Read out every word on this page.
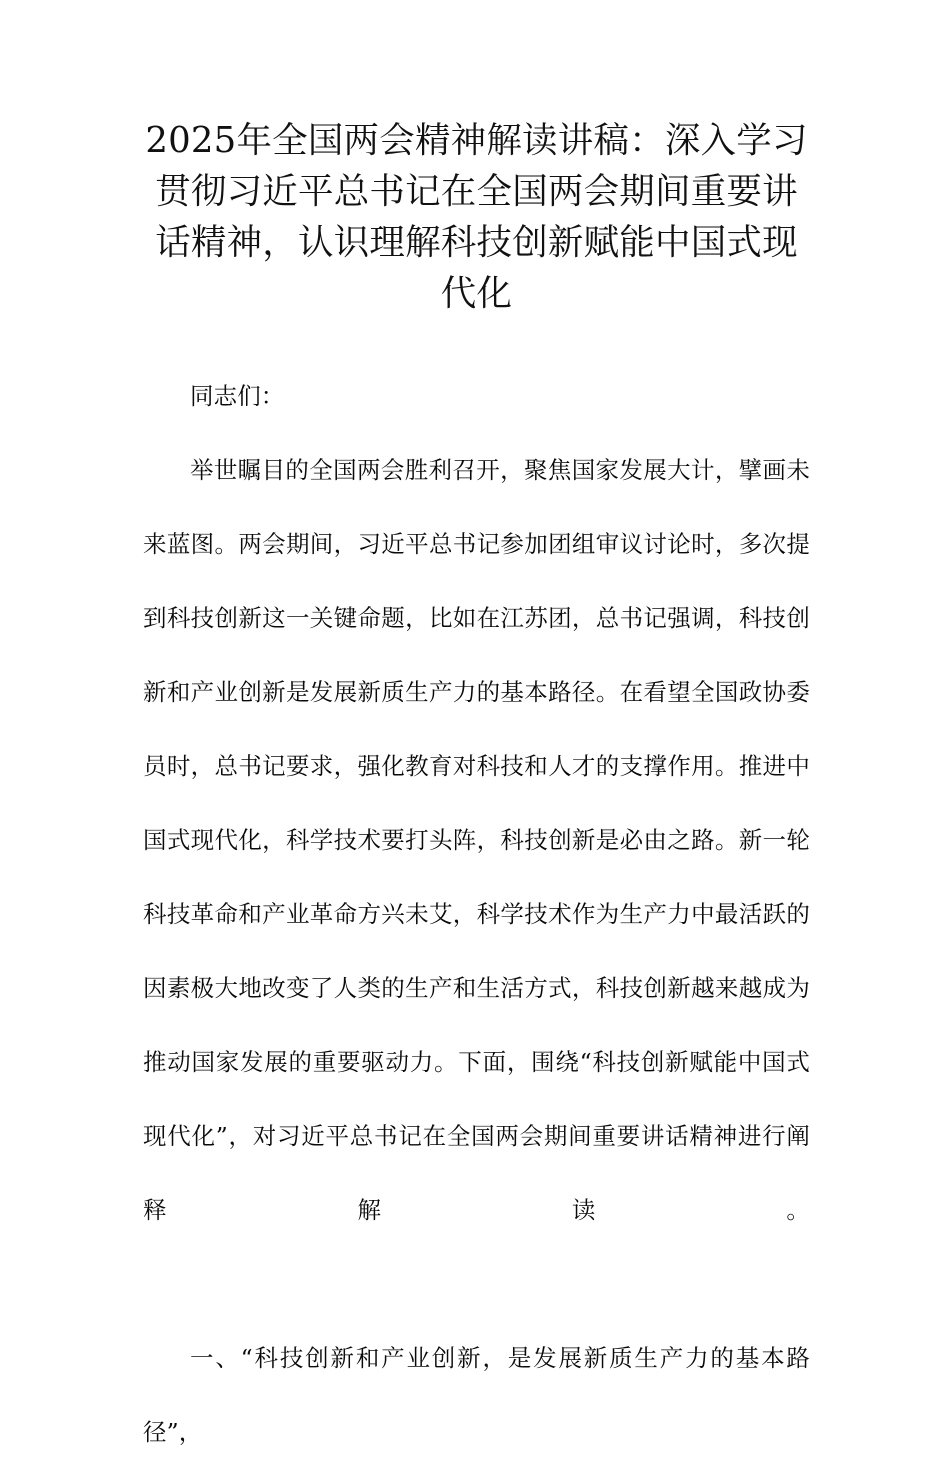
2025年全国两会精神解读讲稿：深入学习贯彻习近平总书记在全国两会期间重要讲话精神，认识理解科技创新赋能中国式现代化

同志们：

举世瞩目的全国两会胜利召开，聚焦国家发展大计，擘画未来蓝图。两会期间，习近平总书记参加团组审议讨论时，多次提到科技创新这一关键命题，比如在江苏团，总书记强调，科技创新和产业创新是发展新质生产力的基本路径。在看望全国政协委员时，总书记要求，强化教育对科技和人才的支撑作用。推进中国式现代化，科学技术要打头阵，科技创新是必由之路。新一轮科技革命和产业革命方兴未艾，科学技术作为生产力中最活跃的因素极大地改变了人类的生产和生活方式，科技创新越来越成为推动国家发展的重要驱动力。下面，围绕“科技创新赋能中国式现代化”，对习近平总书记在全国两会期间重要讲话精神进行阐释解读。

一、“科技创新和产业创新，是发展新质生产力的基本路径”，
